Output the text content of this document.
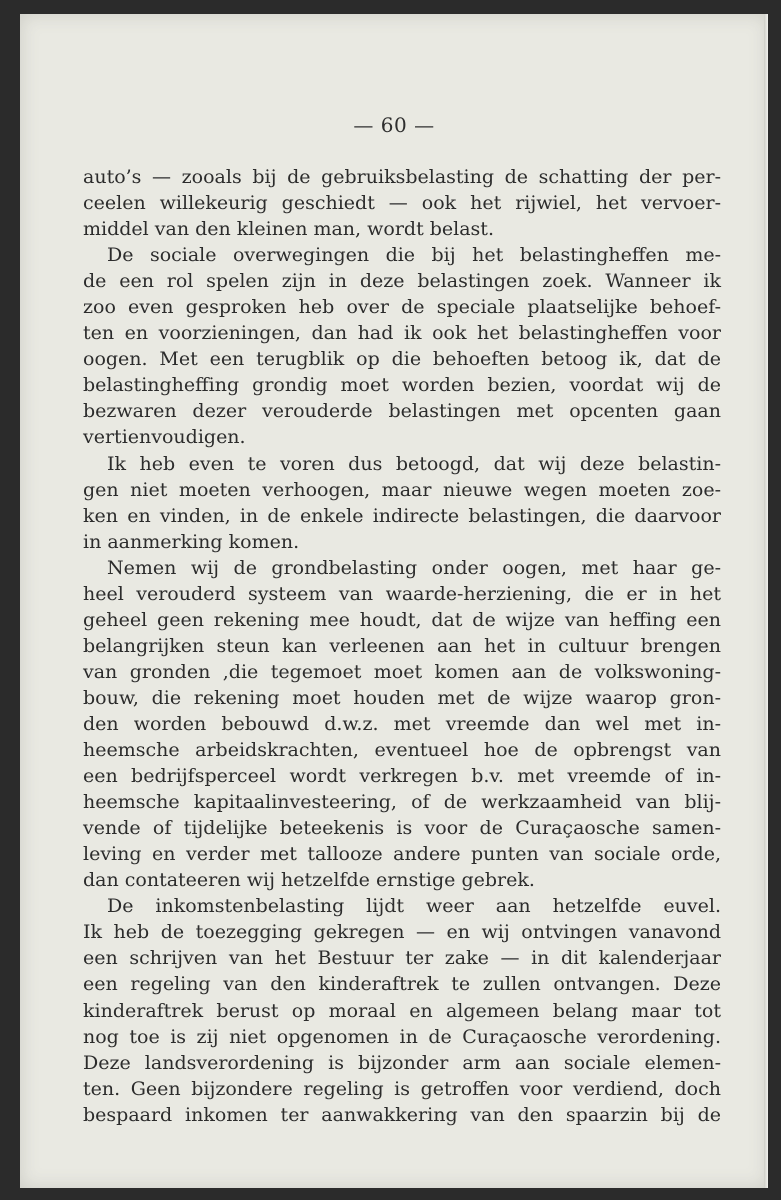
— 60 —
auto’s — zooals bij de gebruiksbelasting de schatting der per-
ceelen willekeurig geschiedt — ook het rijwiel, het vervoer-
middel van den kleinen man, wordt belast.
De sociale overwegingen die bij het belastingheffen me-
de een rol spelen zijn in deze belastingen zoek. Wanneer ik
zoo even gesproken heb over de speciale plaatselijke behoef-
ten en voorzieningen, dan had ik ook het belastingheffen voor
oogen. Met een terugblik op die behoeften betoog ik, dat de
belastingheffing grondig moet worden bezien, voordat wij de
bezwaren dezer verouderde belastingen met opcenten gaan
vertienvoudigen.
Ik heb even te voren dus betoogd, dat wij deze belastin-
gen niet moeten verhoogen, maar nieuwe wegen moeten zoe-
ken en vinden, in de enkele indirecte belastingen, die daarvoor
in aanmerking komen.
Nemen wij de grondbelasting onder oogen, met haar ge-
heel verouderd systeem van waarde-herziening, die er in het
geheel geen rekening mee houdt, dat de wijze van heffing een
belangrijken steun kan verleenen aan het in cultuur brengen
van gronden ,die tegemoet moet komen aan de volkswoning-
bouw, die rekening moet houden met de wijze waarop gron-
den worden bebouwd d.w.z. met vreemde dan wel met in-
heemsche arbeidskrachten, eventueel hoe de opbrengst van
een bedrijfsperceel wordt verkregen b.v. met vreemde of in-
heemsche kapitaalinvesteering, of de werkzaamheid van blij-
vende of tijdelijke beteekenis is voor de Curaçaosche samen-
leving en verder met tallooze andere punten van sociale orde,
dan contateeren wij hetzelfde ernstige gebrek.
De inkomstenbelasting lijdt weer aan hetzelfde euvel.
Ik heb de toezegging gekregen — en wij ontvingen vanavond
een schrijven van het Bestuur ter zake — in dit kalenderjaar
een regeling van den kinderaftrek te zullen ontvangen. Deze
kinderaftrek berust op moraal en algemeen belang maar tot
nog toe is zij niet opgenomen in de Curaçaosche verordening.
Deze landsverordening is bijzonder arm aan sociale elemen-
ten. Geen bijzondere regeling is getroffen voor verdiend, doch
bespaard inkomen ter aanwakkering van den spaarzin bij de
